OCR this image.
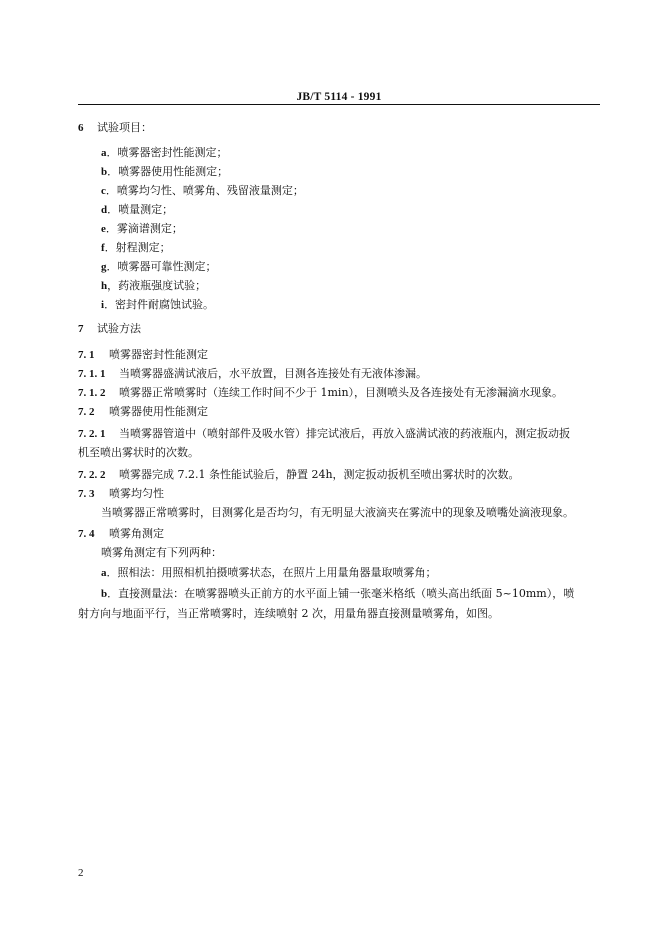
JB/T 5114 - 1991
6 试验项目：
a．喷雾器密封性能测定；
b．喷雾器使用性能测定；
c．喷雾均匀性、喷雾角、残留液量测定；
d．喷量测定；
e．雾滴谱测定；
f．射程测定；
g．喷雾器可靠性测定；
h，药液瓶强度试验；
i．密封件耐腐蚀试验。
7 试验方法
7. 1 喷雾器密封性能测定
7. 1. 1 当喷雾器盛满试液后，水平放置，目测各连接处有无液体渗漏。
7. 1. 2 喷雾器正常喷雾时（连续工作时间不少于 1min），目测喷头及各连接处有无渗漏滴水现象。
7. 2 喷雾器使用性能测定
7. 2. 1 当喷雾器管道中（喷射部件及吸水管）排完试液后，再放入盛满试液的药液瓶内，测定扳动扳
机至喷出雾状时的次数。
7. 2. 2 喷雾器完成 7.2.1 条性能试验后，静置 24h，测定扳动扳机至喷出雾状时的次数。
7. 3 喷雾均匀性
当喷雾器正常喷雾时，目测雾化是否均匀，有无明显大液滴夹在雾流中的现象及喷嘴处滴液现象。
7. 4 喷雾角测定
喷雾角测定有下列两种：
a．照相法：用照相机拍摄喷雾状态，在照片上用量角器量取喷雾角；
b．直接测量法：在喷雾器喷头正前方的水平面上铺一张毫米格纸（喷头高出纸面 5~10mm），喷
射方向与地面平行，当正常喷雾时，连续喷射 2 次，用量角器直接测量喷雾角，如图。
2
